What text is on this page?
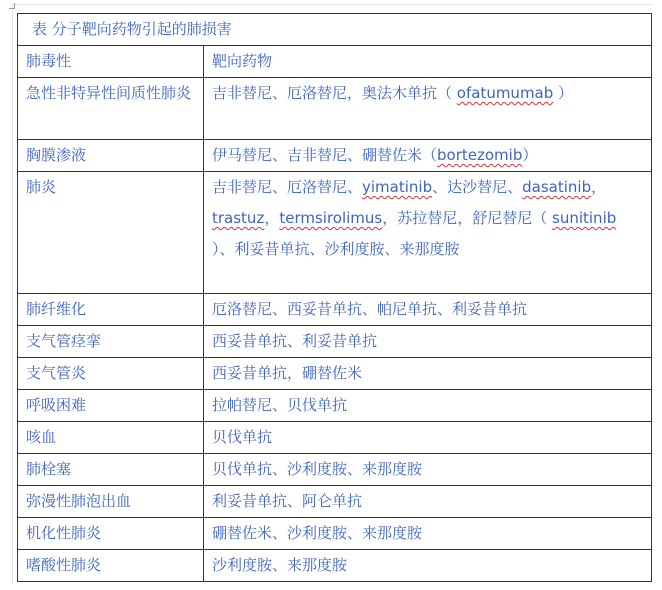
表 分子靶向药物引起的肺损害	
肺毒性	靶向药物
急性非特异性间质性肺炎	吉非替尼、厄洛替尼，奥法木单抗（ ofatumumab ）
胸膜渗液	伊马替尼、吉非替尼、硼替佐米（bortezomib）
肺炎	吉非替尼、厄洛替尼、yimatinib、达沙替尼、dasatinib，trastuz，termsirolimus，苏拉替尼，舒尼替尼（ sunitinib ）、利妥昔单抗、沙利度胺、来那度胺
肺纤维化	厄洛替尼、西妥昔单抗、帕尼单抗、利妥昔单抗
支气管痉挛	西妥昔单抗、利妥昔单抗
支气管炎	西妥昔单抗，硼替佐米
呼吸困难	拉帕替尼、贝伐单抗
咳血	贝伐单抗
肺栓塞	贝伐单抗、沙利度胺、来那度胺
弥漫性肺泡出血	利妥昔单抗、阿仑单抗
机化性肺炎	硼替佐米、沙利度胺、来那度胺
嗜酸性肺炎	沙利度胺、来那度胺
